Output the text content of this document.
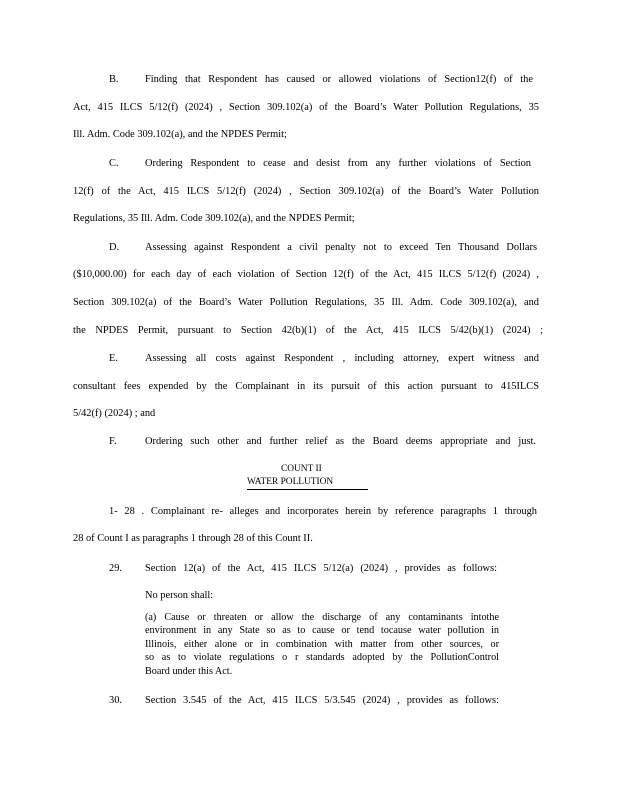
B.	Finding that Respondent has caused or allowed violations of Section12(f) of the
Act, 415 ILCS 5/12(f) (2024) , Section 309.102(a) of the Board’s Water Pollution Regulations, 35
Ill. Adm. Code 309.102(a), and the NPDES Permit;
C.	Ordering Respondent to cease and desist from any further violations of Section
12(f) of the Act, 415 ILCS 5/12(f) (2024) , Section 309.102(a) of the Board’s Water Pollution
Regulations, 35 Ill. Adm. Code 309.102(a), and the NPDES Permit;
D. Assessing against Respondent a civil penalty not to exceed Ten Thousand Dollars
($10,000.00) for each day of each violation of Section 12(f) of the Act, 415 ILCS 5/12(f) (2024) ,
Section 309.102(a) of the Board’s Water Pollution Regulations, 35 Ill. Adm. Code 309.102(a), and
the NPDES Permit, pursuant to Section 42(b)(1) of the Act, 415 ILCS 5/42(b)(1) (2024) ;
E.	Assessing all costs against Respondent , including attorney, expert witness and
consultant fees expended by the Complainant in its pursuit of this action pursuant to 415ILCS
5/42(f) (2024) ; and
F.	Ordering such other and further relief as the Board deems appropriate and just.
COUNT II
WATER POLLUTION
1- 28 . Complainant re- alleges and incorporates herein by reference paragraphs 1 through
28 of Count I as paragraphs 1 through 28 of this Count II.
29. Section 12(a) of the Act, 415 ILCS 5/12(a) (2024) , provides as follows:
No person shall:
(a) Cause or threaten or allow the discharge of any contaminants intothe
environment in any State so as to cause or tend tocause water pollution in
Illinois, either alone or in combination with matter from other sources, or
so as to violate regulations o r standards adopted by the PollutionControl
Board under this Act.
30. Section 3.545 of the Act, 415 ILCS 5/3.545 (2024) , provides as follows:
